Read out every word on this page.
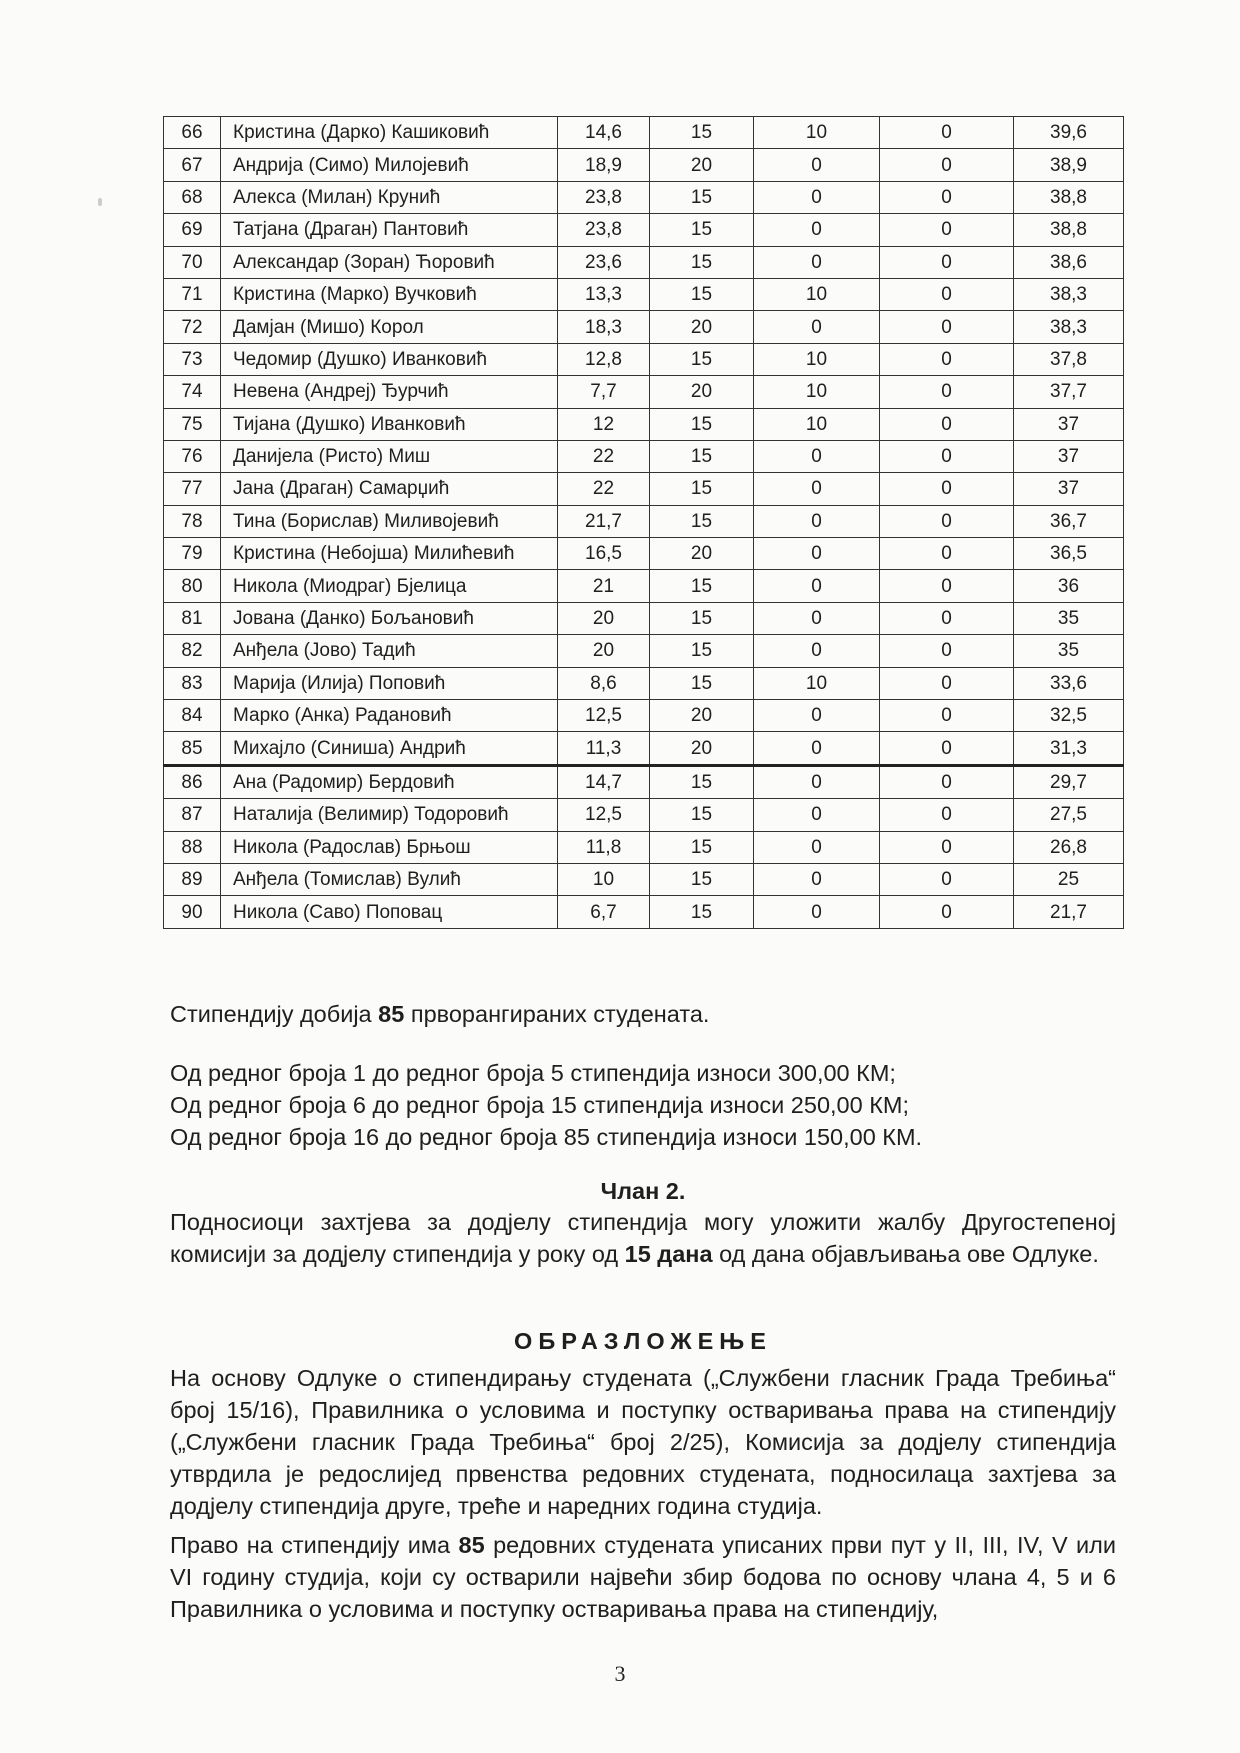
66	Кристина (Дарко) Кашиковић	14,6	15	10	0	39,6
67	Андрија (Симо) Милојевић	18,9	20	0	0	38,9
68	Алекса (Милан) Крунић	23,8	15	0	0	38,8
69	Татјана (Драган) Пантовић	23,8	15	0	0	38,8
70	Александар (Зоран) Ћоровић	23,6	15	0	0	38,6
71	Кристина (Марко) Вучковић	13,3	15	10	0	38,3
72	Дамјан (Мишо) Корол	18,3	20	0	0	38,3
73	Чедомир (Душко) Иванковић	12,8	15	10	0	37,8
74	Невена (Андреј) Ђурчић	7,7	20	10	0	37,7
75	Тијана (Душко) Иванковић	12	15	10	0	37
76	Данијела (Ристо) Миш	22	15	0	0	37
77	Јана (Драган) Самарџић	22	15	0	0	37
78	Тина (Борислав) Миливојевић	21,7	15	0	0	36,7
79	Кристина (Небојша) Милићевић	16,5	20	0	0	36,5
80	Никола (Миодраг) Бјелица	21	15	0	0	36
81	Јована (Данко) Бољановић	20	15	0	0	35
82	Анђела (Јово) Тадић	20	15	0	0	35
83	Марија (Илија) Поповић	8,6	15	10	0	33,6
84	Марко (Анка) Радановић	12,5	20	0	0	32,5
85	Михајло (Синиша) Андрић	11,3	20	0	0	31,3
86	Ана (Радомир) Бердовић	14,7	15	0	0	29,7
87	Наталија (Велимир) Тодоровић	12,5	15	0	0	27,5
88	Никола (Радослав) Брњош	11,8	15	0	0	26,8
89	Анђела (Томислав) Вулић	10	15	0	0	25
90	Никола (Саво) Поповац	6,7	15	0	0	21,7
Стипендију добија 85 прворангираних студената.
Од редног броја 1 до редног броја 5 стипендија износи 300,00 КМ;
Од редног броја 6 до редног броја 15 стипендија износи 250,00 КМ;
Од редног броја 16 до редног броја 85 стипендија износи 150,00 КМ.
Члан 2.
Подносиоци захтјева за додјелу стипендија могу уложити жалбу Другостепеној комисији за додјелу стипендија у року од 15 дана од дана објављивања ове Одлуке.
ОБРАЗЛОЖЕЊЕ
На основу Одлуке о стипендирању студената („Службени гласник Града Требиња“ број 15/16), Правилника о условима и поступку остваривања права на стипендију („Службени гласник Града Требиња“ број 2/25), Комисија за додјелу стипендија утврдила је редослијед првенства редовних студената, подносилаца захтјева за додјелу стипендија друге, треће и наредних година студија.
Право на стипендију има 85 редовних студената уписаних први пут у II, III, IV, V или VI годину студија, који су остварили највећи збир бодова по основу члана 4, 5 и 6 Правилника о условима и поступку остваривања права на стипендију,
3
